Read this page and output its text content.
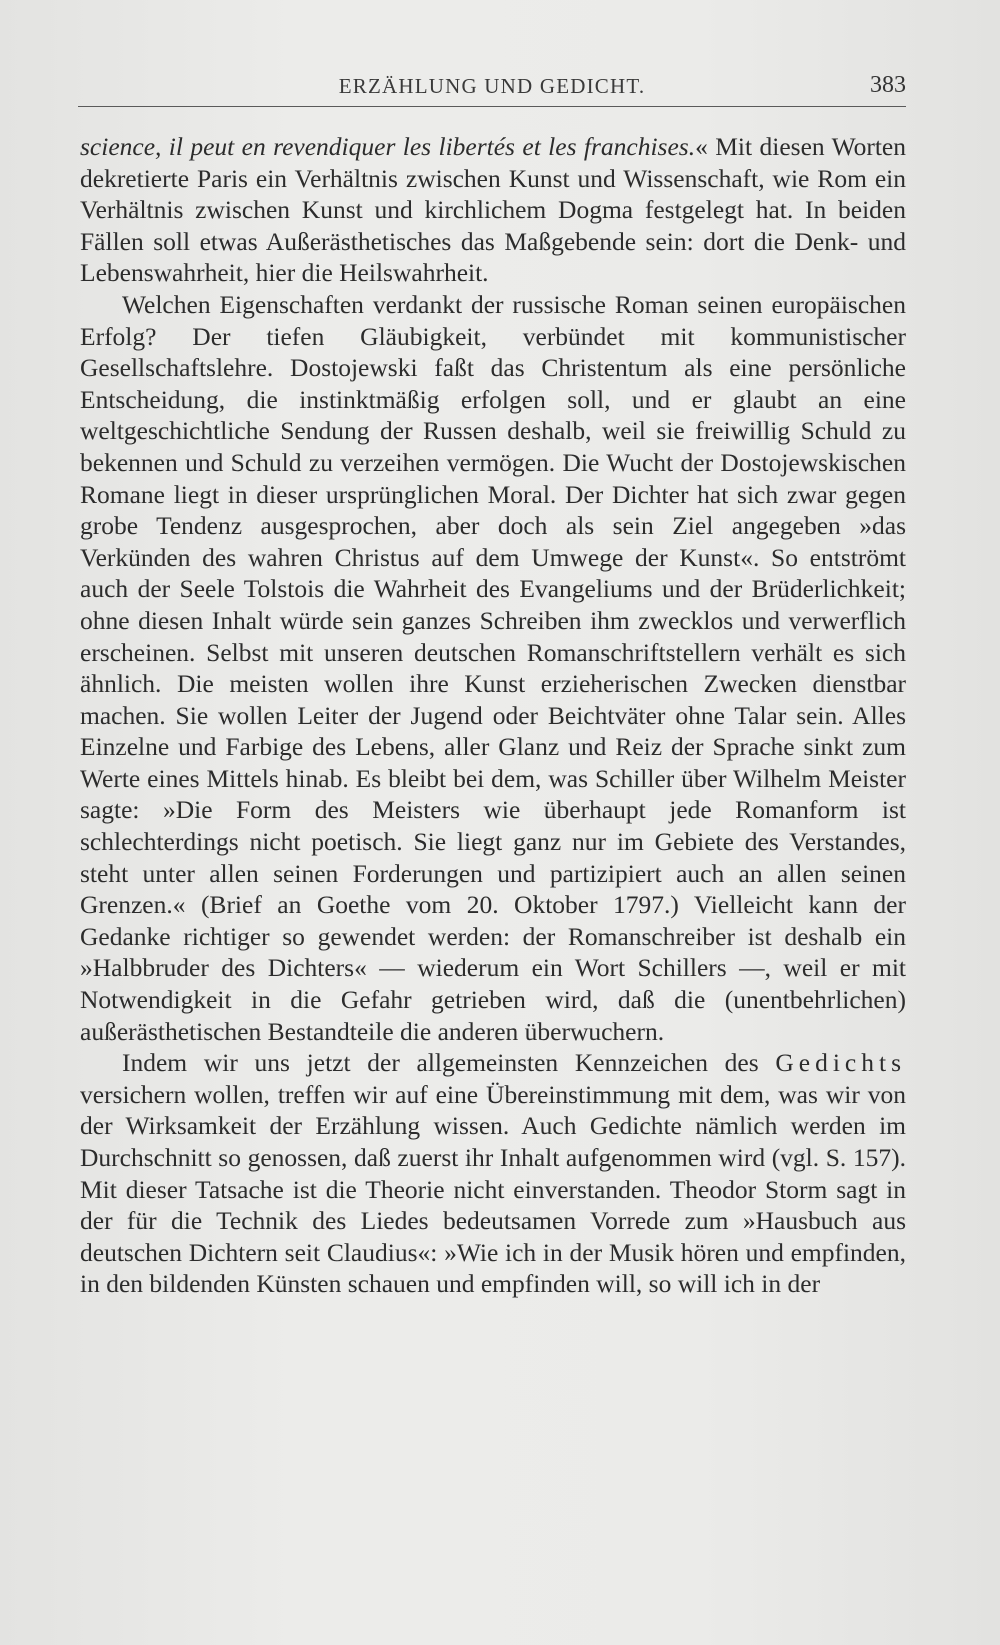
ERZÄHLUNG UND GEDICHT.	383

science, il peut en revendiquer les libertés et les franchises.« Mit diesen Worten dekretierte Paris ein Verhältnis zwischen Kunst und Wissenschaft, wie Rom ein Verhältnis zwischen Kunst und kirchlichem Dogma festgelegt hat. In beiden Fällen soll etwas Außerästhetisches das Maßgebende sein: dort die Denk- und Lebenswahrheit, hier die Heilswahrheit.

Welchen Eigenschaften verdankt der russische Roman seinen europäischen Erfolg? Der tiefen Gläubigkeit, verbündet mit kommunistischer Gesellschaftslehre. Dostojewski faßt das Christentum als eine persönliche Entscheidung, die instinktmäßig erfolgen soll, und er glaubt an eine weltgeschichtliche Sendung der Russen deshalb, weil sie freiwillig Schuld zu bekennen und Schuld zu verzeihen vermögen. Die Wucht der Dostojewskischen Romane liegt in dieser ursprünglichen Moral. Der Dichter hat sich zwar gegen grobe Tendenz ausgesprochen, aber doch als sein Ziel angegeben »das Verkünden des wahren Christus auf dem Umwege der Kunst«. So entströmt auch der Seele Tolstois die Wahrheit des Evangeliums und der Brüderlichkeit; ohne diesen Inhalt würde sein ganzes Schreiben ihm zwecklos und verwerflich erscheinen. Selbst mit unseren deutschen Romanschriftstellern verhält es sich ähnlich. Die meisten wollen ihre Kunst erzieherischen Zwecken dienstbar machen. Sie wollen Leiter der Jugend oder Beichtväter ohne Talar sein. Alles Einzelne und Farbige des Lebens, aller Glanz und Reiz der Sprache sinkt zum Werte eines Mittels hinab. Es bleibt bei dem, was Schiller über Wilhelm Meister sagte: »Die Form des Meisters wie überhaupt jede Romanform ist schlechterdings nicht poetisch. Sie liegt ganz nur im Gebiete des Verstandes, steht unter allen seinen Forderungen und partizipiert auch an allen seinen Grenzen.« (Brief an Goethe vom 20. Oktober 1797.) Vielleicht kann der Gedanke richtiger so gewendet werden: der Romanschreiber ist deshalb ein »Halbbruder des Dichters« — wiederum ein Wort Schillers —, weil er mit Notwendigkeit in die Gefahr getrieben wird, daß die (unentbehrlichen) außerästhetischen Bestandteile die anderen überwuchern.

Indem wir uns jetzt der allgemeinsten Kennzeichen des Gedichts versichern wollen, treffen wir auf eine Übereinstimmung mit dem, was wir von der Wirksamkeit der Erzählung wissen. Auch Gedichte nämlich werden im Durchschnitt so genossen, daß zuerst ihr Inhalt aufgenommen wird (vgl. S. 157). Mit dieser Tatsache ist die Theorie nicht einverstanden. Theodor Storm sagt in der für die Technik des Liedes bedeutsamen Vorrede zum »Hausbuch aus deutschen Dichtern seit Claudius«: »Wie ich in der Musik hören und empfinden, in den bildenden Künsten schauen und empfinden will, so will ich in der
